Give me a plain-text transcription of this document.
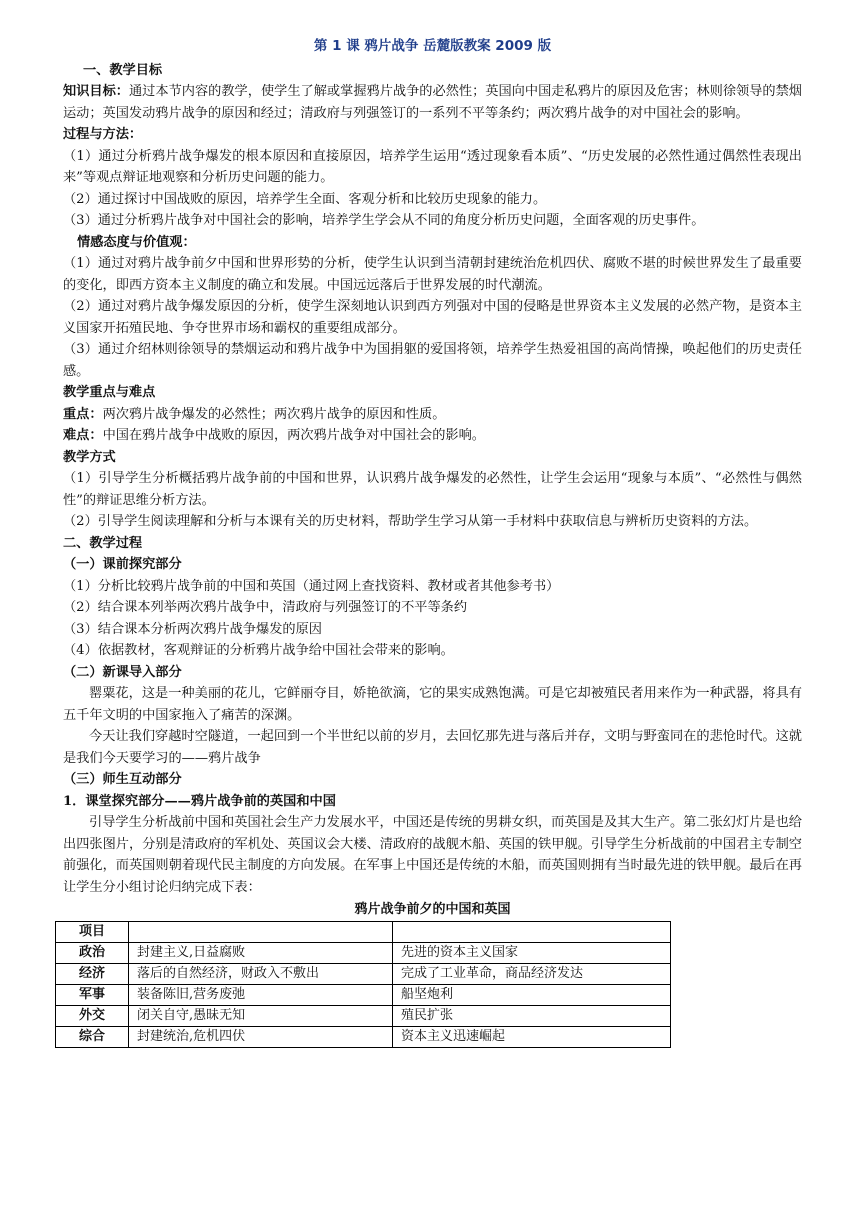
第 1 课 鸦片战争 岳麓版教案 2009 版

一、教学目标

知识目标：通过本节内容的教学，使学生了解或掌握鸦片战争的必然性；英国向中国走私鸦片的原因及危害；林则徐领导的禁烟运动；英国发动鸦片战争的原因和经过；清政府与列强签订的一系列不平等条约；两次鸦片战争的对中国社会的影响。

过程与方法：

（1）通过分析鸦片战争爆发的根本原因和直接原因，培养学生运用“透过现象看本质”、“历史发展的必然性通过偶然性表现出来”等观点辩证地观察和分析历史问题的能力。

（2）通过探讨中国战败的原因，培养学生全面、客观分析和比较历史现象的能力。

（3）通过分析鸦片战争对中国社会的影响，培养学生学会从不同的角度分析历史问题，全面客观的历史事件。

情感态度与价值观：

（1）通过对鸦片战争前夕中国和世界形势的分析，使学生认识到当清朝封建统治危机四伏、腐败不堪的时候世界发生了最重要的变化，即西方资本主义制度的确立和发展。中国远远落后于世界发展的时代潮流。

（2）通过对鸦片战争爆发原因的分析，使学生深刻地认识到西方列强对中国的侵略是世界资本主义发展的必然产物，是资本主义国家开拓殖民地、争夺世界市场和霸权的重要组成部分。

（3）通过介绍林则徐领导的禁烟运动和鸦片战争中为国捐躯的爱国将领，培养学生热爱祖国的高尚情操，唤起他们的历史责任感。

教学重点与难点

重点：两次鸦片战争爆发的必然性；两次鸦片战争的原因和性质。

难点：中国在鸦片战争中战败的原因，两次鸦片战争对中国社会的影响。

教学方式

（1）引导学生分析概括鸦片战争前的中国和世界，认识鸦片战争爆发的必然性，让学生会运用“现象与本质”、“必然性与偶然性”的辩证思维分析方法。

（2）引导学生阅读理解和分析与本课有关的历史材料，帮助学生学习从第一手材料中获取信息与辨析历史资料的方法。

二、教学过程

（一）课前探究部分

（1）分析比较鸦片战争前的中国和英国（通过网上查找资料、教材或者其他参考书）

（2）结合课本列举两次鸦片战争中，清政府与列强签订的不平等条约

（3）结合课本分析两次鸦片战争爆发的原因

（4）依据教材，客观辩证的分析鸦片战争给中国社会带来的影响。

（二）新课导入部分

罂粟花，这是一种美丽的花儿，它鲜丽夺目，娇艳欲滴，它的果实成熟饱满。可是它却被殖民者用来作为一种武器，将具有五千年文明的中国家拖入了痛苦的深渊。

今天让我们穿越时空隧道，一起回到一个半世纪以前的岁月，去回忆那先进与落后并存，文明与野蛮同在的悲怆时代。这就是我们今天要学习的——鸦片战争

（三）师生互动部分

1．课堂探究部分——鸦片战争前的英国和中国

引导学生分析战前中国和英国社会生产力发展水平，中国还是传统的男耕女织，而英国是及其大生产。第二张幻灯片是也给出四张图片，分别是清政府的军机处、英国议会大楼、清政府的战舰木船、英国的铁甲舰。引导学生分析战前的中国君主专制空前强化，而英国则朝着现代民主制度的方向发展。在军事上中国还是传统的木船，而英国则拥有当时最先进的铁甲舰。最后在再让学生分小组讨论归纳完成下表：

鸦片战争前夕的中国和英国
项目		
政治	封建主义,日益腐败	先进的资本主义国家
经济	落后的自然经济，财政入不敷出	完成了工业革命，商品经济发达
军事	装备陈旧,营务废弛	船坚炮利
外交	闭关自守,愚昧无知	殖民扩张
综合	封建统治,危机四伏	资本主义迅速崛起
